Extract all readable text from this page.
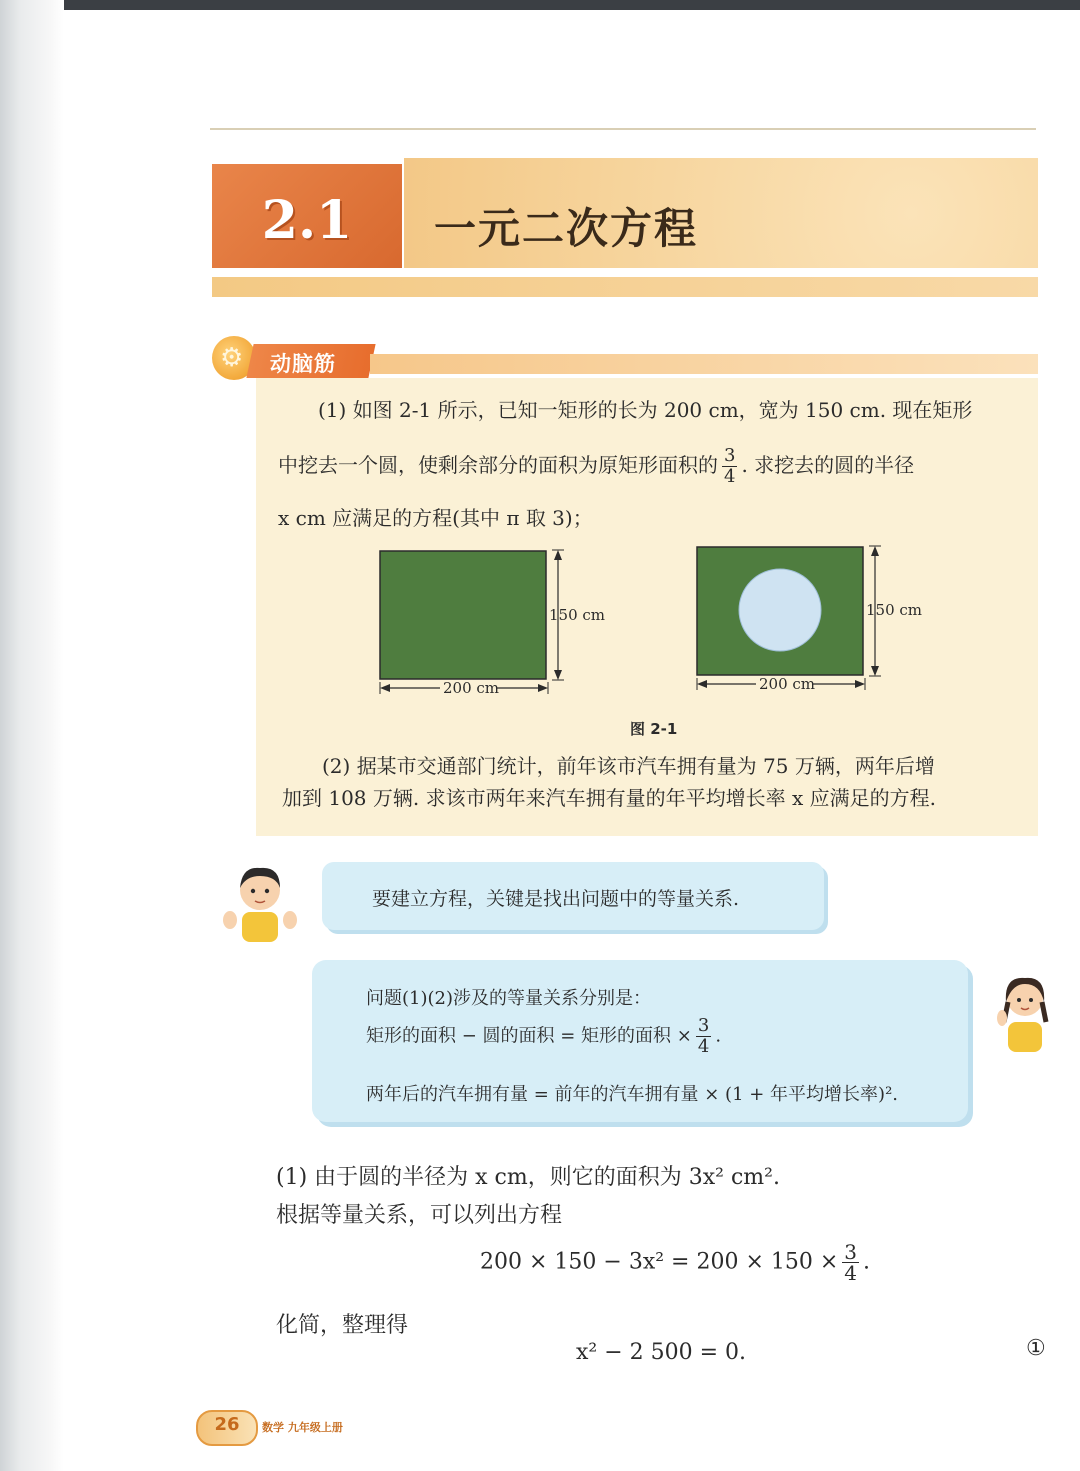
2.1	一元二次方程
⚙ 动脑筋
(1) 如图 2-1 所示，已知一矩形的长为 200 cm，宽为 150 cm. 现在矩形
中挖去一个圆，使剩余部分的面积为原矩形面积的 $\frac{3}{4}$ . 求挖去的圆的半径
x cm 应满足的方程(其中 π 取 3)；
150 cm
200 cm
150 cm
200 cm
图 2-1
(2) 据某市交通部门统计，前年该市汽车拥有量为 75 万辆，两年后增
加到 108 万辆. 求该市两年来汽车拥有量的年平均增长率 x 应满足的方程.
要建立方程，关键是找出问题中的等量关系.
问题(1)(2)涉及的等量关系分别是：
矩形的面积 − 圆的面积 = 矩形的面积 × $\frac{3}{4}$ .
两年后的汽车拥有量 = 前年的汽车拥有量 × (1 + 年平均增长率)².
(1) 由于圆的半径为 x cm，则它的面积为 3x² cm².
根据等量关系，可以列出方程
$200 \times 150 - 3x^2 = 200 \times 150 \times \frac{3}{4}$ .
化简，整理得
x² − 2 500 = 0.	①
26	数学 九年级上册
